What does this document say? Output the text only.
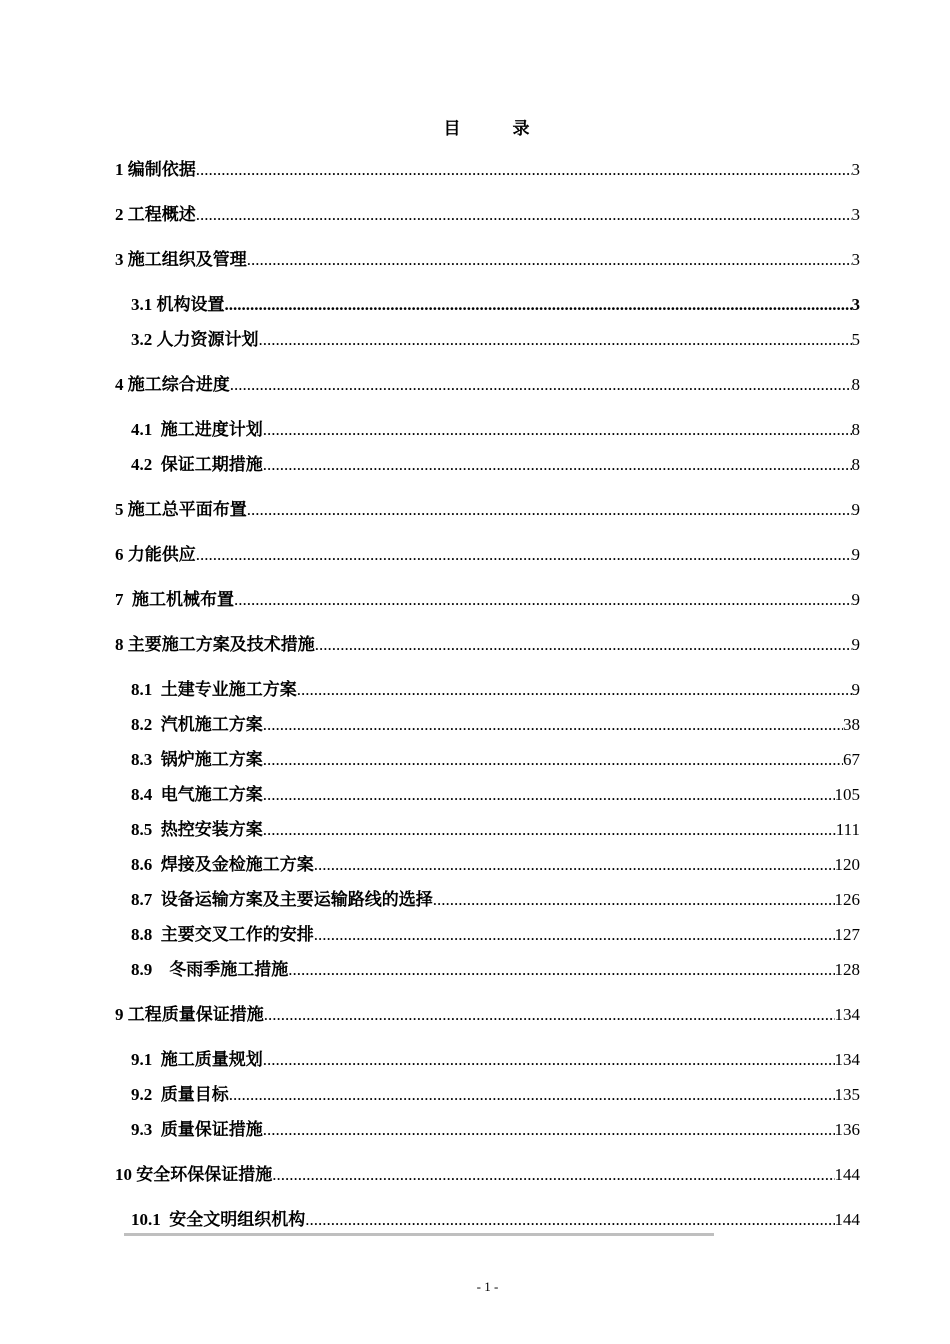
目	录
1 编制依据 .....	3
2 工程概述 .....	3
3 施工组织及管理 .....	3
3.1 机构设置 .....	3
3.2 人力资源计划 .....	5
4 施工综合进度 .....	8
4.1 施工进度计划 .....	8
4.2 保证工期措施 .....	8
5 施工总平面布置 .....	9
6 力能供应 .....	9
7 施工机械布置 .....	9
8 主要施工方案及技术措施 .....	9
8.1 土建专业施工方案 .....	9
8.2 汽机施工方案 .....	38
8.3 锅炉施工方案 .....	67
8.4 电气施工方案 .....	105
8.5 热控安装方案 .....	111
8.6 焊接及金检施工方案 .....	120
8.7 设备运输方案及主要运输路线的选择 .....	126
8.8 主要交叉工作的安排 .....	127
8.9 冬雨季施工措施 .....	128
9 工程质量保证措施 .....	134
9.1 施工质量规划 .....	134
9.2 质量目标 .....	135
9.3 质量保证措施 .....	136
10 安全环保保证措施 .....	144
10.1 安全文明组织机构 .....	144
- 1 -
